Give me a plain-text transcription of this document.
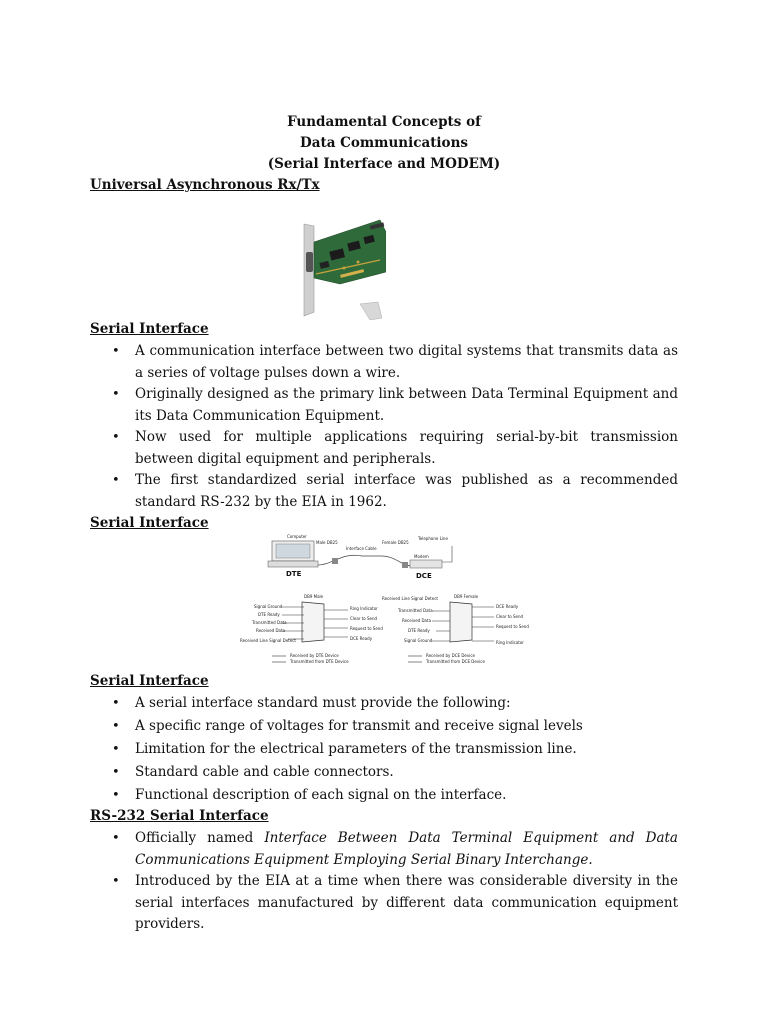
Fundamental Concepts of

Data Communications

(Serial Interface and MODEM)

Universal Asynchronous Rx/Tx

Serial Interface

• A communication interface between two digital systems that transmits data as a series of voltage pulses down a wire.
• Originally designed as the primary link between Data Terminal Equipment and its Data Communication Equipment.
• Now used for multiple applications requiring serial-by-bit transmission between digital equipment and peripherals.
• The first standardized serial interface was published as a recommended standard RS-232 by the EIA in 1962.

Serial Interface

Computer
DTE
Male DB25
Interface Cable
Female DB25
Modem
DCE
Telephone Line
DB9 Male
Signal Ground
DTE Ready
Transmitted Data
Received Data
Received Line Signal Detect
Ring Indicator
Clear to Send
Request to Send
DCE Ready
DB9 Female
Received Line Signal Detect
Transmitted Data
Received Data
DTE Ready
Signal Ground
DCE Ready
Clear to Send
Request to Send
Ring Indicator
Received by DTE Device
Transmitted from DTE Device
Received by DCE Device
Transmitted from DCE Device

Serial Interface

• A serial interface standard must provide the following:
• A specific range of voltages for transmit and receive signal levels
• Limitation for the electrical parameters of the transmission line.
• Standard cable and cable connectors.
• Functional description of each signal on the interface.

RS-232 Serial Interface

• Officially named Interface Between Data Terminal Equipment and Data Communications Equipment Employing Serial Binary Interchange.
• Introduced by the EIA at a time when there was considerable diversity in the serial interfaces manufactured by different data communication equipment providers.
